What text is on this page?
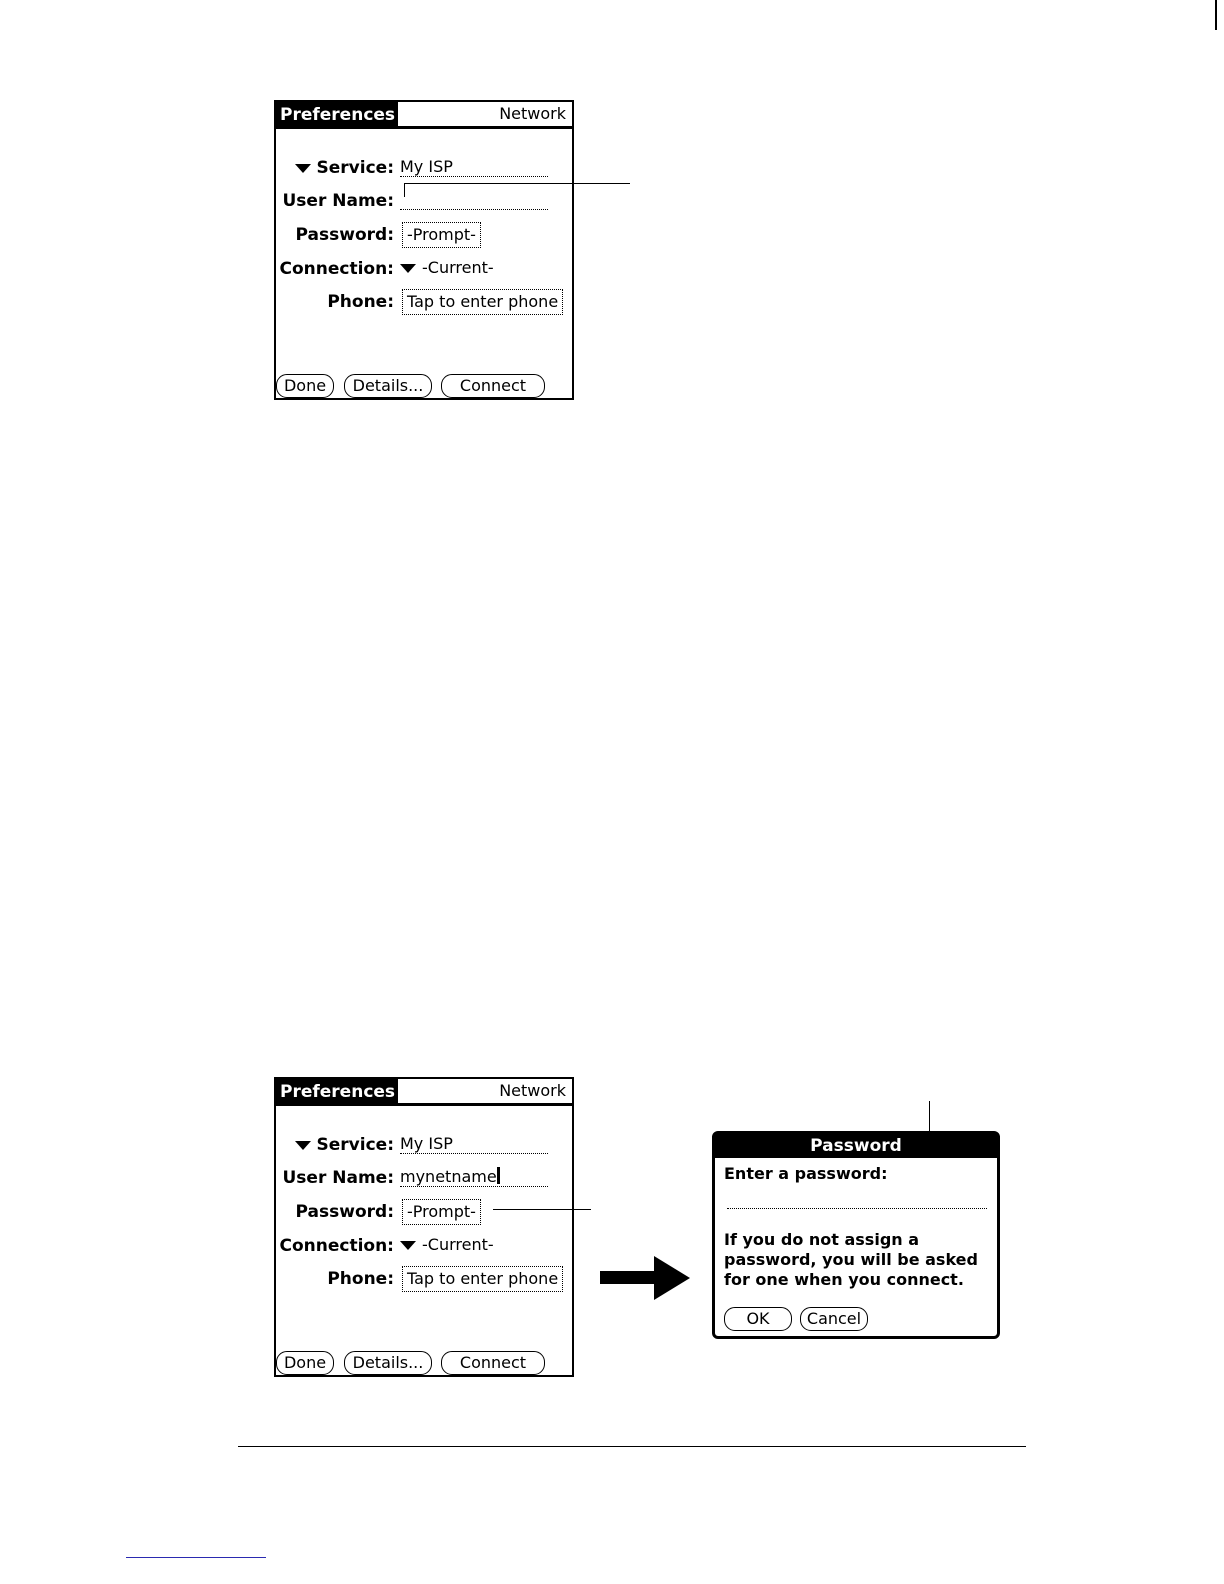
Preferences	Network
Service: My ISP
User Name:
Password: -Prompt-
Connection:	-Current-
Phone: Tap to enter phone
Done	Details...	Connect
Preferences	Network
Service: My ISP
User Name: mynetname
Password: -Prompt-
Connection:	-Current-
Phone: Tap to enter phone
Done	Details...	Connect
Password
Enter a password:
If you do not assign a password, you will be asked for one when you connect.
OK	Cancel
